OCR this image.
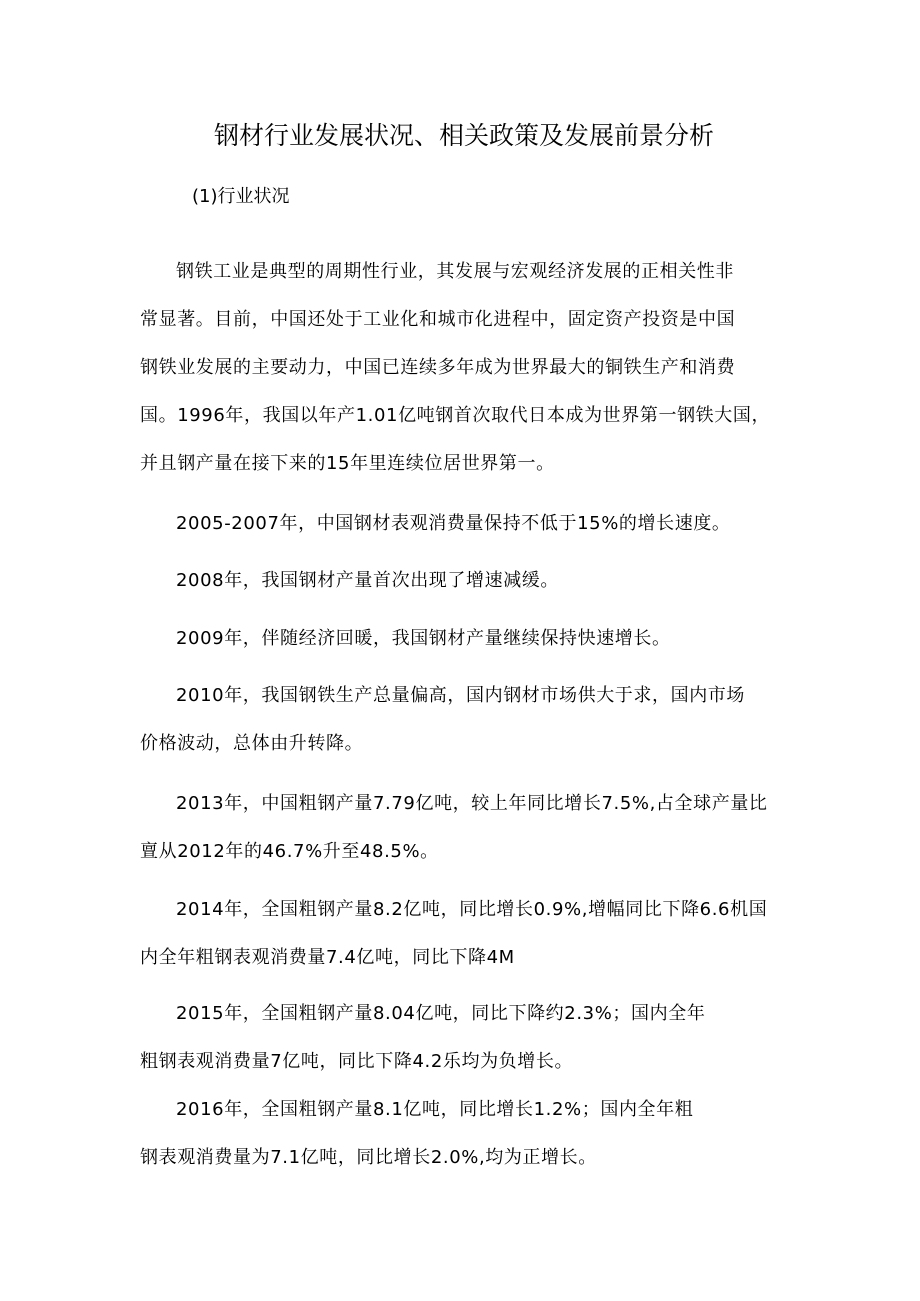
钢材行业发展状况、相关政策及发展前景分析

(1)行业状况

钢铁工业是典型的周期性行业，其发展与宏观经济发展的正相关性非
常显著。目前，中国还处于工业化和城市化进程中，固定资产投资是中国
钢铁业发展的主要动力，中国已连续多年成为世界最大的铜铁生产和消费
国。1996年，我国以年产1.01亿吨钢首次取代日本成为世界第一钢铁大国，
并且钢产量在接下来的15年里连续位居世界第一。

2005-2007年，中国钢材表观消费量保持不低于15%的增长速度。

2008年，我国钢材产量首次出现了增速减缓。

2009年，伴随经济回暖，我国钢材产量继续保持快速增长。

2010年，我国钢铁生产总量偏高，国内钢材市场供大于求，国内市场
价格波动，总体由升转降。

2013年，中国粗钢产量7.79亿吨，较上年同比增长7.5%,占全球产量比
亶从2012年的46.7%升至48.5%。

2014年，全国粗钢产量8.2亿吨，同比增长0.9%,增幅同比下降6.6机国
内全年粗钢表观消费量7.4亿吨，同比下降4M

2015年，全国粗钢产量8.04亿吨，同比下降约2.3%；国内全年
粗钢表观消费量7亿吨，同比下降4.2乐均为负增长。

2016年，全国粗钢产量8.1亿吨，同比增长1.2%；国内全年粗
钢表观消费量为7.1亿吨，同比增长2.0%,均为正增长。
